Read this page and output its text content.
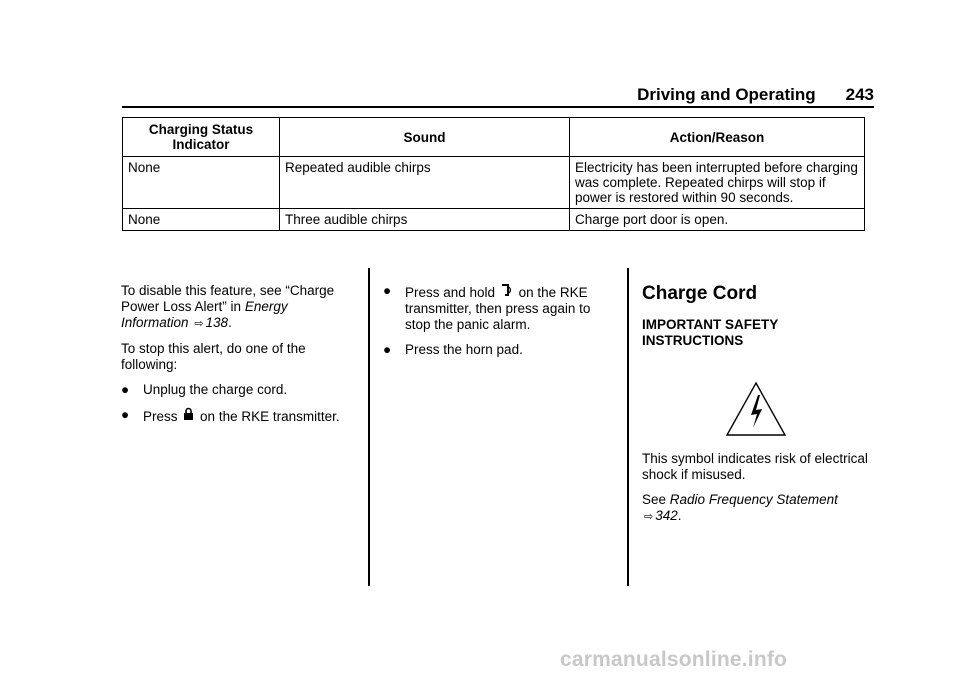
Driving and Operating 243
Charging Status Indicator	Sound	Action/Reason
None	Repeated audible chirps	Electricity has been interrupted before charging was complete. Repeated chirps will stop if power is restored within 90 seconds.
None	Three audible chirps	Charge port door is open.

To disable this feature, see “Charge Power Loss Alert” in Energy Information ⇨ 138.

To stop this alert, do one of the following:

●	Unplug the charge cord.
●	Press on the RKE transmitter.
●	Press and hold on the RKE transmitter, then press again to stop the panic alarm.
●	Press the horn pad.
Charge Cord

IMPORTANT SAFETY INSTRUCTIONS

This symbol indicates risk of electrical shock if misused.

See Radio Frequency Statement
⇨ 342.

carmanualsonline.info
